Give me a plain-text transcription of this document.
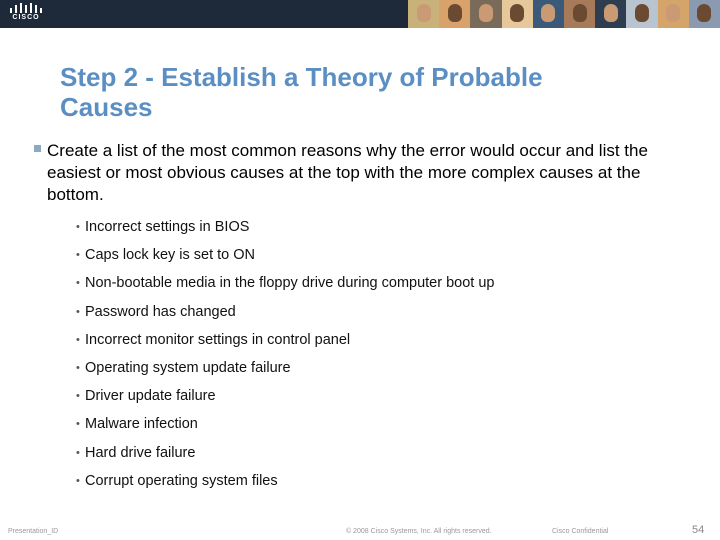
CISCO
Step 2 - Establish a Theory of Probable
Causes
Create a list of the most common reasons why the error would occur and list the easiest or most obvious causes at the top with the more complex causes at the bottom.
• Incorrect settings in BIOS
• Caps lock key is set to ON
• Non-bootable media in the floppy drive during computer boot up
• Password has changed
• Incorrect monitor settings in control panel
• Operating system update failure
• Driver update failure
• Malware infection
• Hard drive failure
• Corrupt operating system files
Presentation_ID	© 2008 Cisco Systems, Inc. All rights reserved.	Cisco Confidential	54
